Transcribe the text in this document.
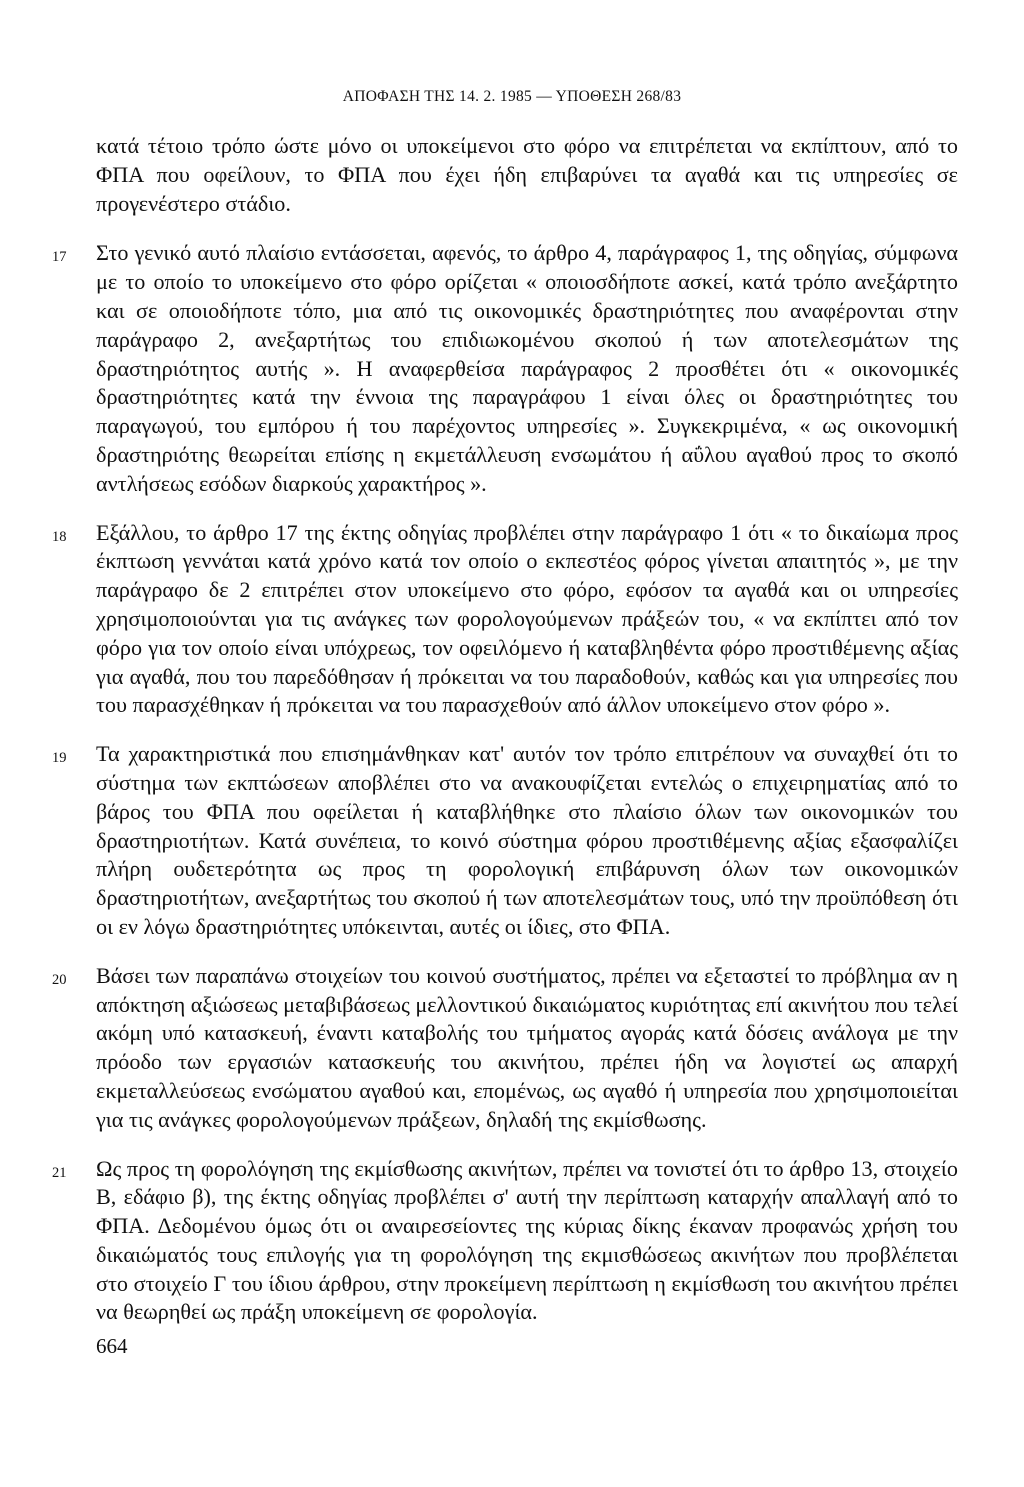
ΑΠΟΦΑΣΗ ΤΗΣ 14. 2. 1985 — ΥΠΟΘΕΣΗ 268/83

κατά τέτοιο τρόπο ώστε μόνο οι υποκείμενοι στο φόρο να επιτρέπεται να εκπίπτουν, από το ΦΠΑ που οφείλουν, το ΦΠΑ που έχει ήδη επιβαρύνει τα αγαθά και τις υπηρεσίες σε προγενέστερο στάδιο.

17	Στο γενικό αυτό πλαίσιο εντάσσεται, αφενός, το άρθρο 4, παράγραφος 1, της οδηγίας, σύμφωνα με το οποίο το υποκείμενο στο φόρο ορίζεται « οποιοσδήποτε ασκεί, κατά τρόπο ανεξάρτητο και σε οποιοδήποτε τόπο, μια από τις οικονομικές δραστηριότητες που αναφέρονται στην παράγραφο 2, ανεξαρτήτως του επιδιωκομένου σκοπού ή των αποτελεσμάτων της δραστηριότητος αυτής ». Η αναφερθείσα παράγραφος 2 προσθέτει ότι « οικονομικές δραστηριότητες κατά την έννοια της παραγράφου 1 είναι όλες οι δραστηριότητες του παραγωγού, του εμπόρου ή του παρέχοντος υπηρεσίες ». Συγκεκριμένα, « ως οικονομική δραστηριότης θεωρείται επίσης η εκμετάλλευση ενσωμάτου ή αΰλου αγαθού προς το σκοπό αντλήσεως εσόδων διαρκούς χαρακτήρος ».

18	Εξάλλου, το άρθρο 17 της έκτης οδηγίας προβλέπει στην παράγραφο 1 ότι « το δικαίωμα προς έκπτωση γεννάται κατά χρόνο κατά τον οποίο ο εκπεστέος φόρος γίνεται απαιτητός », με την παράγραφο δε 2 επιτρέπει στον υποκείμενο στο φόρο, εφόσον τα αγαθά και οι υπηρεσίες χρησιμοποιούνται για τις ανάγκες των φορολογούμενων πράξεών του, « να εκπίπτει από τον φόρο για τον οποίο είναι υπόχρεως, τον οφειλόμενο ή καταβληθέντα φόρο προστιθέμενης αξίας για αγαθά, που του παρεδόθησαν ή πρόκειται να του παραδοθούν, καθώς και για υπηρεσίες που του παρασχέθηκαν ή πρόκειται να του παρασχεθούν από άλλον υποκείμενο στον φόρο ».

19	Τα χαρακτηριστικά που επισημάνθηκαν κατ' αυτόν τον τρόπο επιτρέπουν να συναχθεί ότι το σύστημα των εκπτώσεων αποβλέπει στο να ανακουφίζεται εντελώς ο επιχειρηματίας από το βάρος του ΦΠΑ που οφείλεται ή καταβλήθηκε στο πλαίσιο όλων των οικονομικών του δραστηριοτήτων. Κατά συνέπεια, το κοινό σύστημα φόρου προστιθέμενης αξίας εξασφαλίζει πλήρη ουδετερότητα ως προς τη φορολογική επιβάρυνση όλων των οικονομικών δραστηριοτήτων, ανεξαρτήτως του σκοπού ή των αποτελεσμάτων τους, υπό την προϋπόθεση ότι οι εν λόγω δραστηριότητες υπόκεινται, αυτές οι ίδιες, στο ΦΠΑ.

20	Βάσει των παραπάνω στοιχείων του κοινού συστήματος, πρέπει να εξεταστεί το πρόβλημα αν η απόκτηση αξιώσεως μεταβιβάσεως μελλοντικού δικαιώματος κυριότητας επί ακινήτου που τελεί ακόμη υπό κατασκευή, έναντι καταβολής του τμήματος αγοράς κατά δόσεις ανάλογα με την πρόοδο των εργασιών κατασκευής του ακινήτου, πρέπει ήδη να λογιστεί ως απαρχή εκμεταλλεύσεως ενσώματου αγαθού και, επομένως, ως αγαθό ή υπηρεσία που χρησιμοποιείται για τις ανάγκες φορολογούμενων πράξεων, δηλαδή της εκμίσθωσης.

21	Ως προς τη φορολόγηση της εκμίσθωσης ακινήτων, πρέπει να τονιστεί ότι το άρθρο 13, στοιχείο Β, εδάφιο β), της έκτης οδηγίας προβλέπει σ' αυτή την περίπτωση καταρχήν απαλλαγή από το ΦΠΑ. Δεδομένου όμως ότι οι αναιρεσείοντες της κύριας δίκης έκαναν προφανώς χρήση του δικαιώματός τους επιλογής για τη φορολόγηση της εκμισθώσεως ακινήτων που προβλέπεται στο στοιχείο Γ του ίδιου άρθρου, στην προκείμενη περίπτωση η εκμίσθωση του ακινήτου πρέπει να θεωρηθεί ως πράξη υποκείμενη σε φορολογία.

664
